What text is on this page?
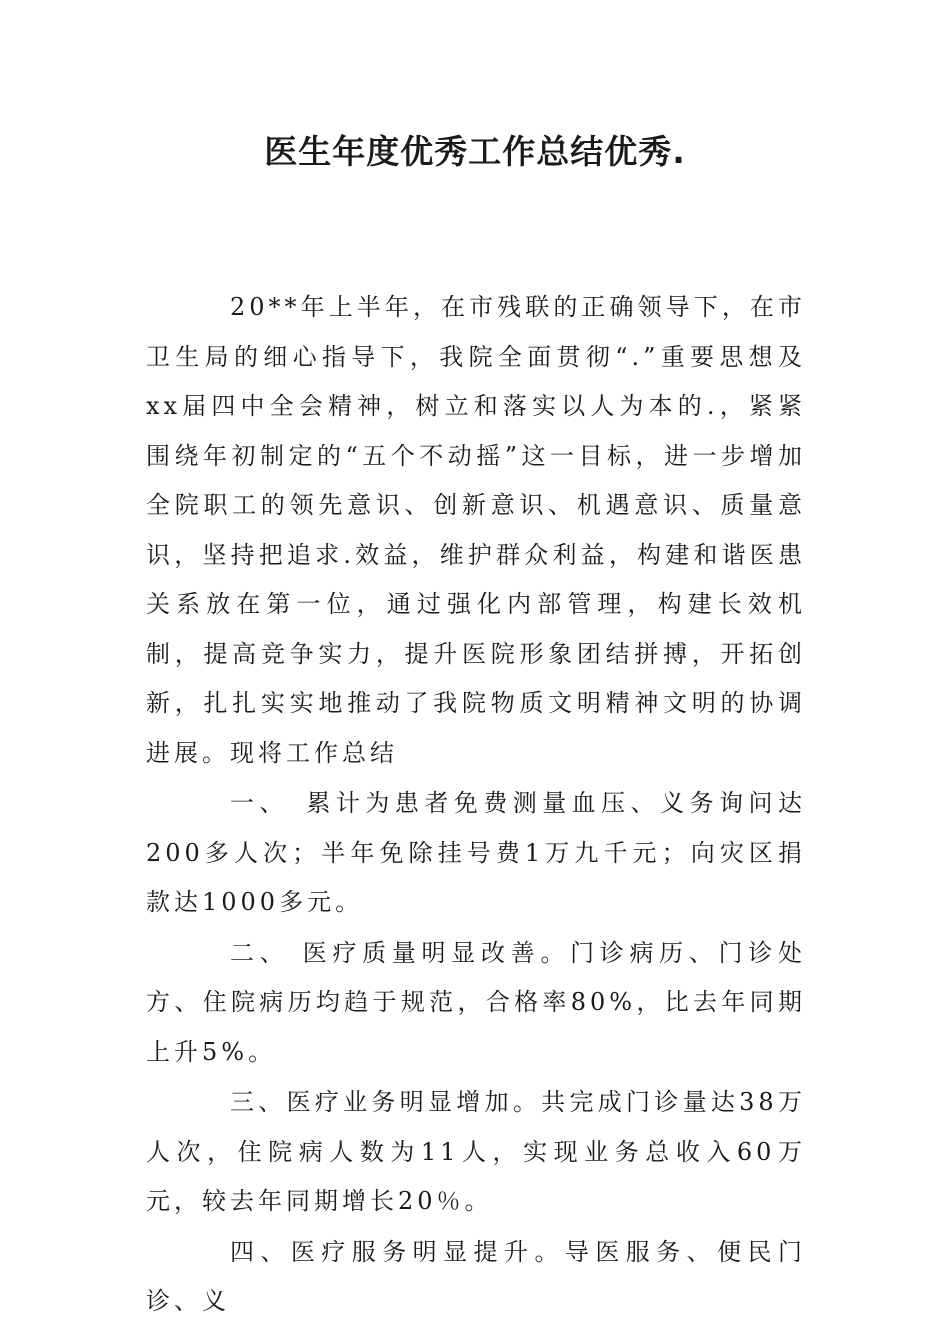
医生年度优秀工作总结优秀.

20**年上半年，在市残联的正确领导下，在市卫生局的细心指导下，我院全面贯彻“.”重要思想及xx届四中全会精神，树立和落实以人为本的.，紧紧围绕年初制定的“五个不动摇”这一目标，进一步增加全院职工的领先意识、创新意识、机遇意识、质量意识，坚持把追求.效益，维护群众利益，构建和谐医患关系放在第一位，通过强化内部管理，构建长效机制，提高竞争实力，提升医院形象团结拼搏，开拓创新，扎扎实实地推动了我院物质文明精神文明的协调进展。现将工作总结

一、　累计为患者免费测量血压、义务询问达200多人次；半年免除挂号费1万九千元；向灾区捐款达1000多元。

二、 医疗质量明显改善。门诊病历、门诊处方、住院病历均趋于规范，合格率80%，比去年同期上升5%。

三、医疗业务明显增加。共完成门诊量达38万人次，住院病人数为11人，实现业务总收入60万元，较去年同期增长20％。

四、医疗服务明显提升。导医服务、便民门诊、义
